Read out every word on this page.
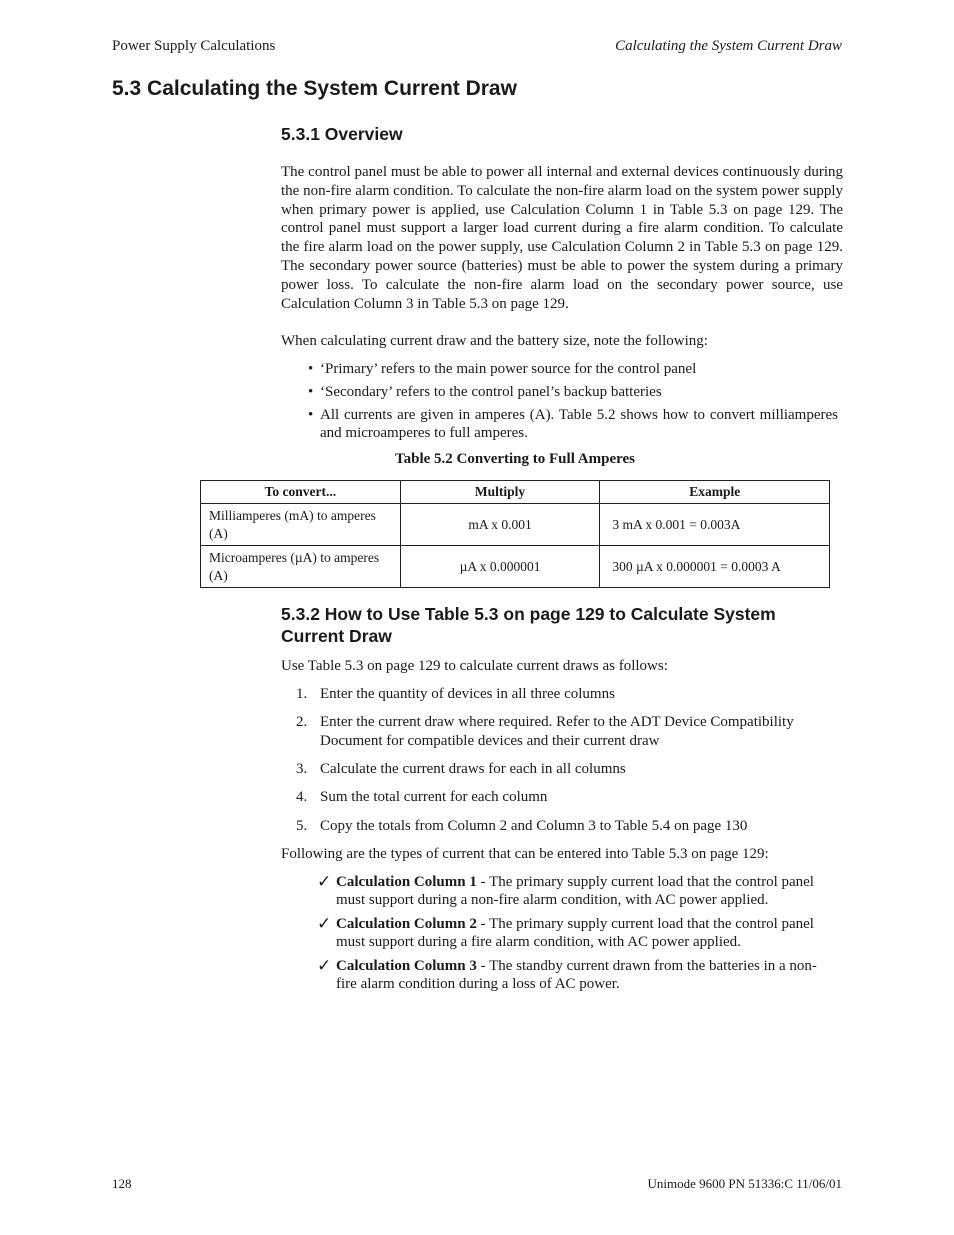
Power Supply Calculations	Calculating the System Current Draw
5.3 Calculating the System Current Draw
5.3.1 Overview

The control panel must be able to power all internal and external devices continuously during the non-fire alarm condition. To calculate the non-fire alarm load on the system power supply when primary power is applied, use Calculation Column 1 in Table 5.3 on page 129. The control panel must support a larger load current during a fire alarm condition. To calculate the fire alarm load on the power supply, use Calculation Column 2 in Table 5.3 on page 129. The secondary power source (batteries) must be able to power the system during a primary power loss. To calculate the non-fire alarm load on the secondary power source, use Calculation Column 3 in Table 5.3 on page 129.

When calculating current draw and the battery size, note the following:

• ‘Primary’ refers to the main power source for the control panel
• ‘Secondary’ refers to the control panel’s backup batteries
• All currents are given in amperes (A). Table 5.2 shows how to convert milliamperes and microamperes to full amperes.

Table 5.2 Converting to Full Amperes

To convert...	Multiply	Example
Milliamperes (mA) to amperes (A)	mA x 0.001	3 mA x 0.001 = 0.003A
Microamperes (µA) to amperes (A)	µA x 0.000001	300 µA x 0.000001 = 0.0003 A
5.3.2 How to Use Table 5.3 on page 129 to Calculate System Current Draw

Use Table 5.3 on page 129 to calculate current draws as follows:

1. Enter the quantity of devices in all three columns
2. Enter the current draw where required. Refer to the ADT Device Compatibility Document for compatible devices and their current draw
3. Calculate the current draws for each in all columns
4. Sum the total current for each column
5. Copy the totals from Column 2 and Column 3 to Table 5.4 on page 130

Following are the types of current that can be entered into Table 5.3 on page 129:

✓ Calculation Column 1 - The primary supply current load that the control panel must support during a non-fire alarm condition, with AC power applied.
✓ Calculation Column 2 - The primary supply current load that the control panel must support during a fire alarm condition, with AC power applied.
✓ Calculation Column 3 - The standby current drawn from the batteries in a non-fire alarm condition during a loss of AC power.
128	Unimode 9600 PN 51336:C 11/06/01
